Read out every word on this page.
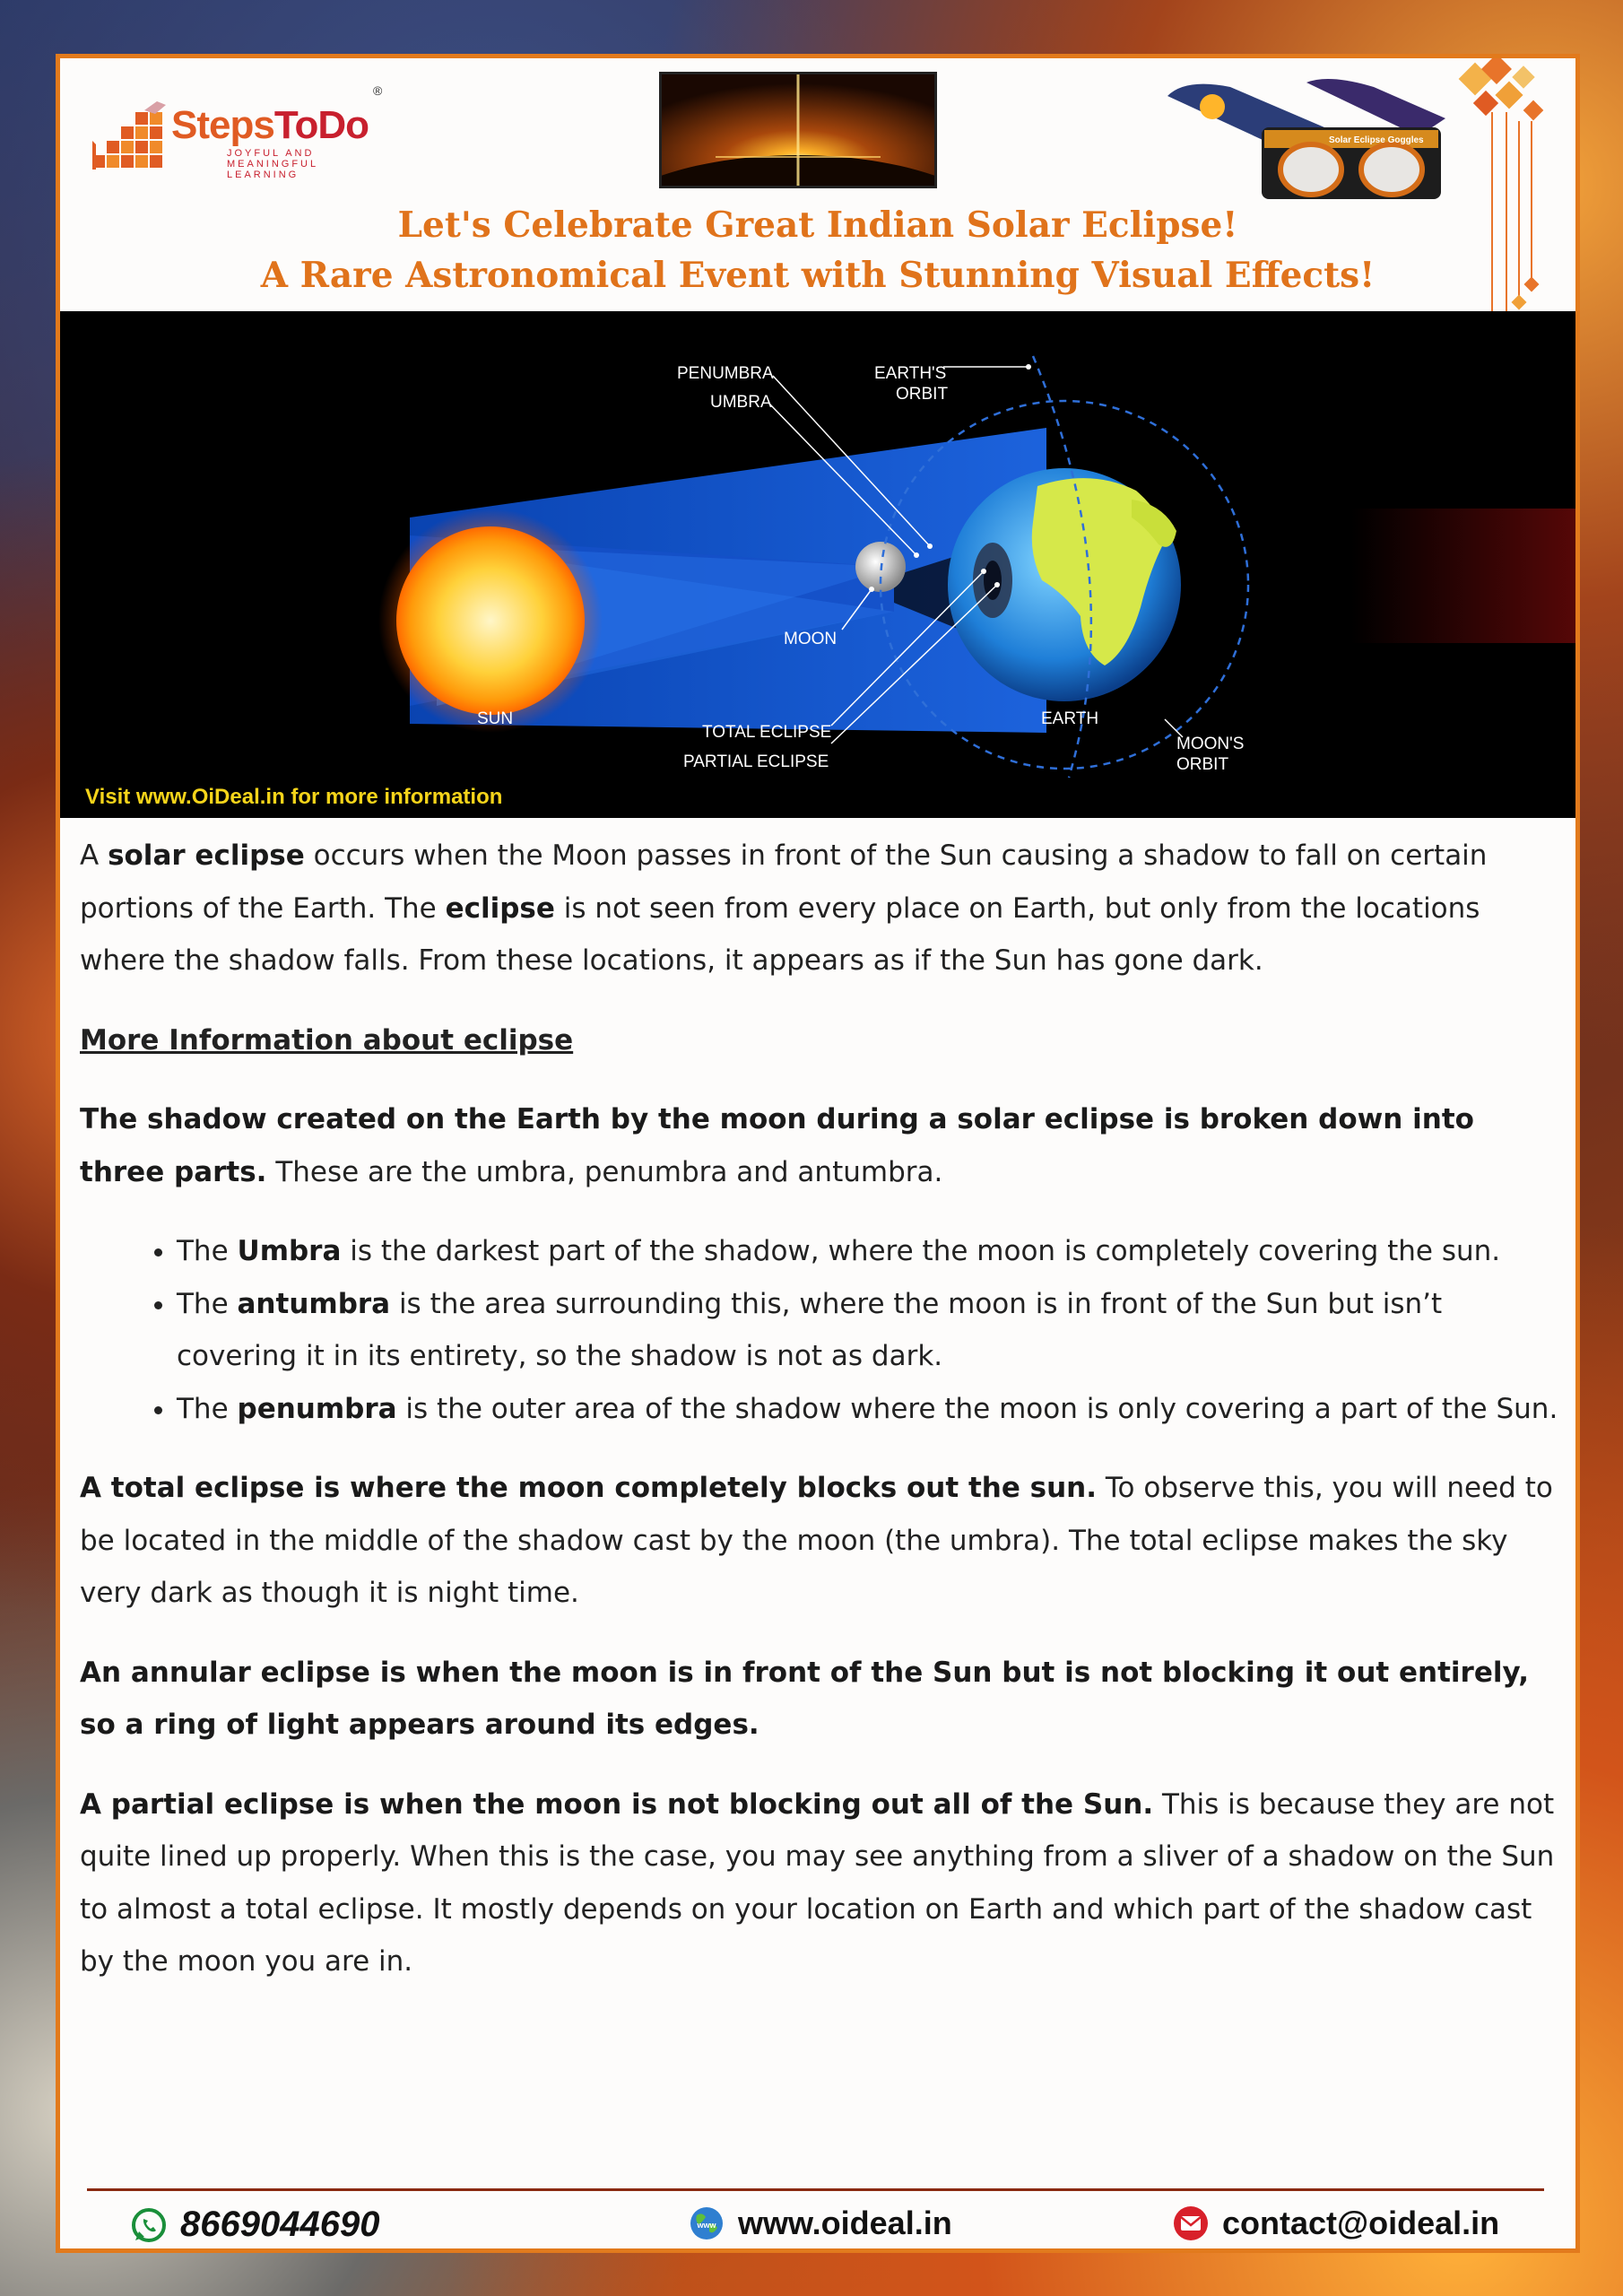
StepsToDo
JOYFUL AND MEANINGFUL LEARNING
®
Solar Eclipse Goggles
Let's Celebrate Great Indian Solar Eclipse!
A Rare Astronomical Event with Stunning Visual Effects!
PENUMBRA
UMBRA
EARTH'S
ORBIT
MOON
SUN
TOTAL ECLIPSE
PARTIAL ECLIPSE
EARTH
MOON'S
ORBIT
Visit www.OiDeal.in for more information

A solar eclipse occurs when the Moon passes in front of the Sun causing a shadow to fall on certain portions of the Earth. The eclipse is not seen from every place on Earth, but only from the locations where the shadow falls. From these locations, it appears as if the Sun has gone dark.

More Information about eclipse

The shadow created on the Earth by the moon during a solar eclipse is broken down into three parts. These are the umbra, penumbra and antumbra.

• The Umbra is the darkest part of the shadow, where the moon is completely covering the sun.
• The antumbra is the area surrounding this, where the moon is in front of the Sun but isn’t covering it in its entirety, so the shadow is not as dark.
• The penumbra is the outer area of the shadow where the moon is only covering a part of the Sun.

A total eclipse is where the moon completely blocks out the sun. To observe this, you will need to be located in the middle of the shadow cast by the moon (the umbra). The total eclipse makes the sky very dark as though it is night time.

An annular eclipse is when the moon is in front of the Sun but is not blocking it out entirely, so a ring of light appears around its edges.

A partial eclipse is when the moon is not blocking out all of the Sun. This is because they are not quite lined up properly. When this is the case, you may see anything from a sliver of a shadow on the Sun to almost a total eclipse. It mostly depends on your location on Earth and which part of the shadow cast by the moon you are in.

8669044690	www www.oideal.in	contact@oideal.in
